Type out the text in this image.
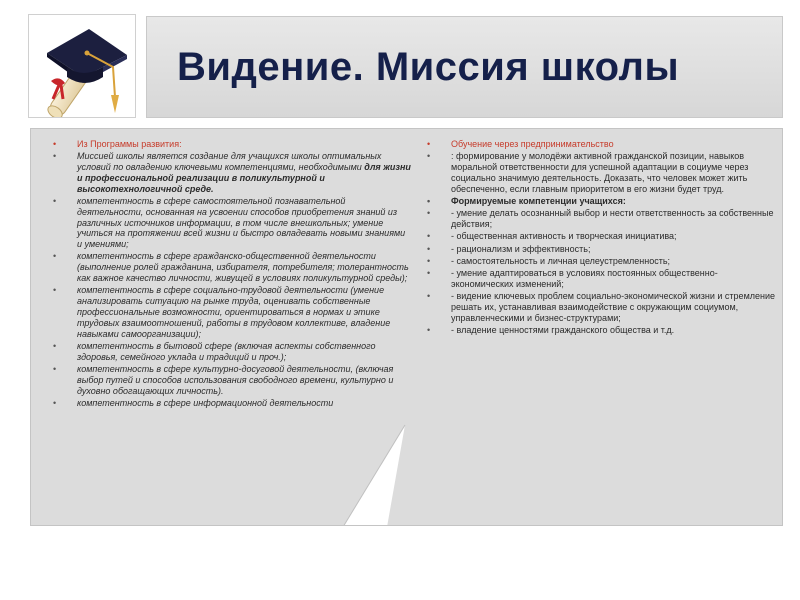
Видение. Миссия школы
• Из Программы развития:
• Миссией школы является создание для учащихся школы оптимальных условий по овладению ключевыми компетенциями, необходимыми для жизни и профессиональной реализации в поликультурной и высокотехнологичной среде.
• компетентность в сфере самостоятельной познавательной деятельности, основанная на усвоении способов приобретения знаний из различных источников информации, в том числе внешкольных; умение учиться на протяжении всей жизни и быстро овладевать новыми знаниями и умениями;
• компетентность в сфере гражданско-общественной деятельности (выполнение ролей гражданина, избирателя, потребителя; толерантность как важное качество личности, живущей в условиях поликультурной среды);
• компетентность в сфере социально-трудовой деятельности (умение анализировать ситуацию на рынке труда, оценивать собственные профессиональные возможности, ориентироваться в нормах и этике трудовых взаимоотношений, работы в трудовом коллективе, владение навыками самоорганизации);
• компетентность в бытовой сфере (включая аспекты собственного здоровья, семейного уклада и традиций и проч.);
• компетентность в сфере культурно-досуговой деятельности, (включая выбор путей и способов использования свободного времени, культурно и духовно обогащающих личность).
• компетентность в сфере информационной деятельности
• Обучение через предпринимательство
• : формирование у молодёжи активной гражданской позиции, навыков моральной ответственности для успешной адаптации в социуме через социально значимую деятельность. Доказать, что человек может жить обеспеченно, если главным приоритетом в его жизни будет труд.
• Формируемые компетенции учащихся:
• - умение делать осознанный выбор и нести ответственность за собственные действия;
• - общественная активность и творческая инициатива;
• - рационализм и эффективность;
• - самостоятельность и личная целеустремленность;
• - умение адаптироваться в условиях постоянных общественно-экономических изменений;
• - видение ключевых проблем социально-экономической жизни и стремление решать их, устанавливая взаимодействие с окружающим социумом, управленческими и бизнес-структурами;
• - владение ценностями гражданского общества и т.д.
